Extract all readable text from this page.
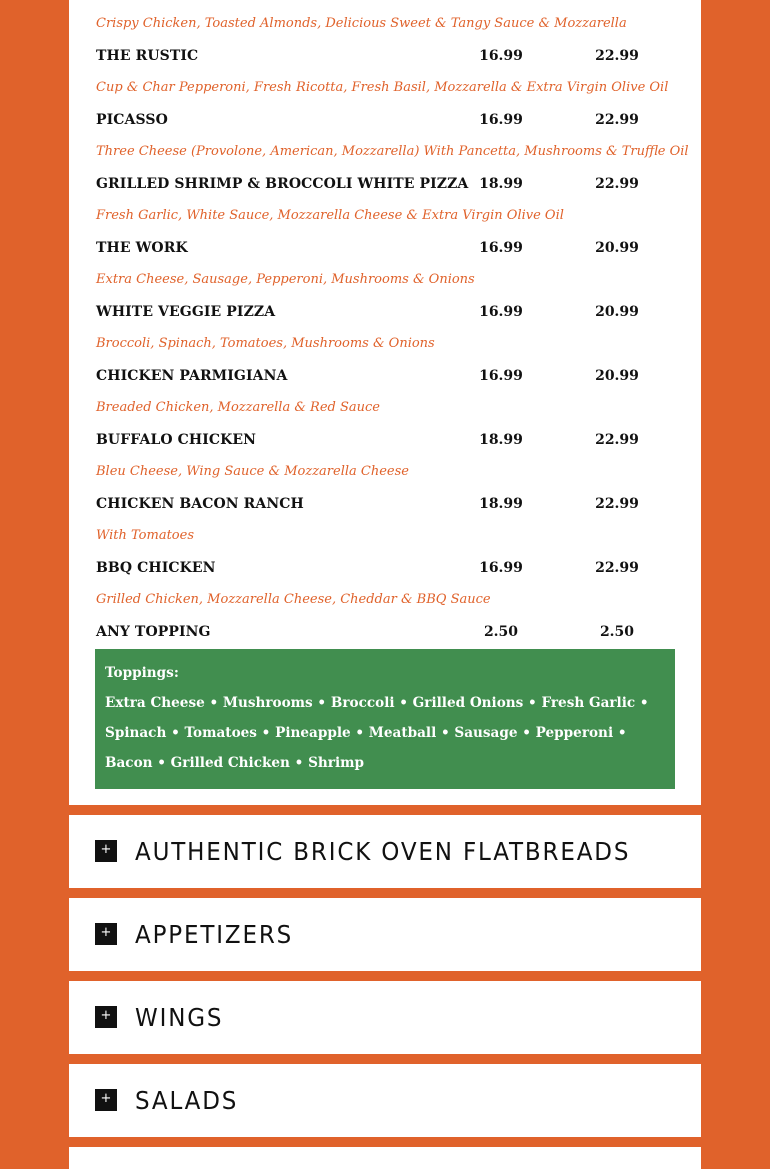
Crispy Chicken, Toasted Almonds, Delicious Sweet & Tangy Sauce & Mozzarella
THE RUSTIC	16.99	22.99
Cup & Char Pepperoni, Fresh Ricotta, Fresh Basil, Mozzarella & Extra Virgin Olive Oil
PICASSO	16.99	22.99
Three Cheese (Provolone, American, Mozzarella) With Pancetta, Mushrooms & Truffle Oil
GRILLED SHRIMP & BROCCOLI WHITE PIZZA 18.99	22.99
Fresh Garlic, White Sauce, Mozzarella Cheese & Extra Virgin Olive Oil
THE WORK	16.99	20.99
Extra Cheese, Sausage, Pepperoni, Mushrooms & Onions
WHITE VEGGIE PIZZA	16.99	20.99
Broccoli, Spinach, Tomatoes, Mushrooms & Onions
CHICKEN PARMIGIANA	16.99	20.99
Breaded Chicken, Mozzarella & Red Sauce
BUFFALO CHICKEN	18.99	22.99
Bleu Cheese, Wing Sauce & Mozzarella Cheese
CHICKEN BACON RANCH	18.99	22.99
With Tomatoes
BBQ CHICKEN	16.99	22.99
Grilled Chicken, Mozzarella Cheese, Cheddar & BBQ Sauce
ANY TOPPING	2.50	2.50
Toppings:
Extra Cheese • Mushrooms • Broccoli • Grilled Onions • Fresh Garlic • Spinach • Tomatoes • Pineapple • Meatball • Sausage • Pepperoni • Bacon • Grilled Chicken • Shrimp
+ AUTHENTIC BRICK OVEN FLATBREADS
+ APPETIZERS
+ WINGS
+ SALADS
